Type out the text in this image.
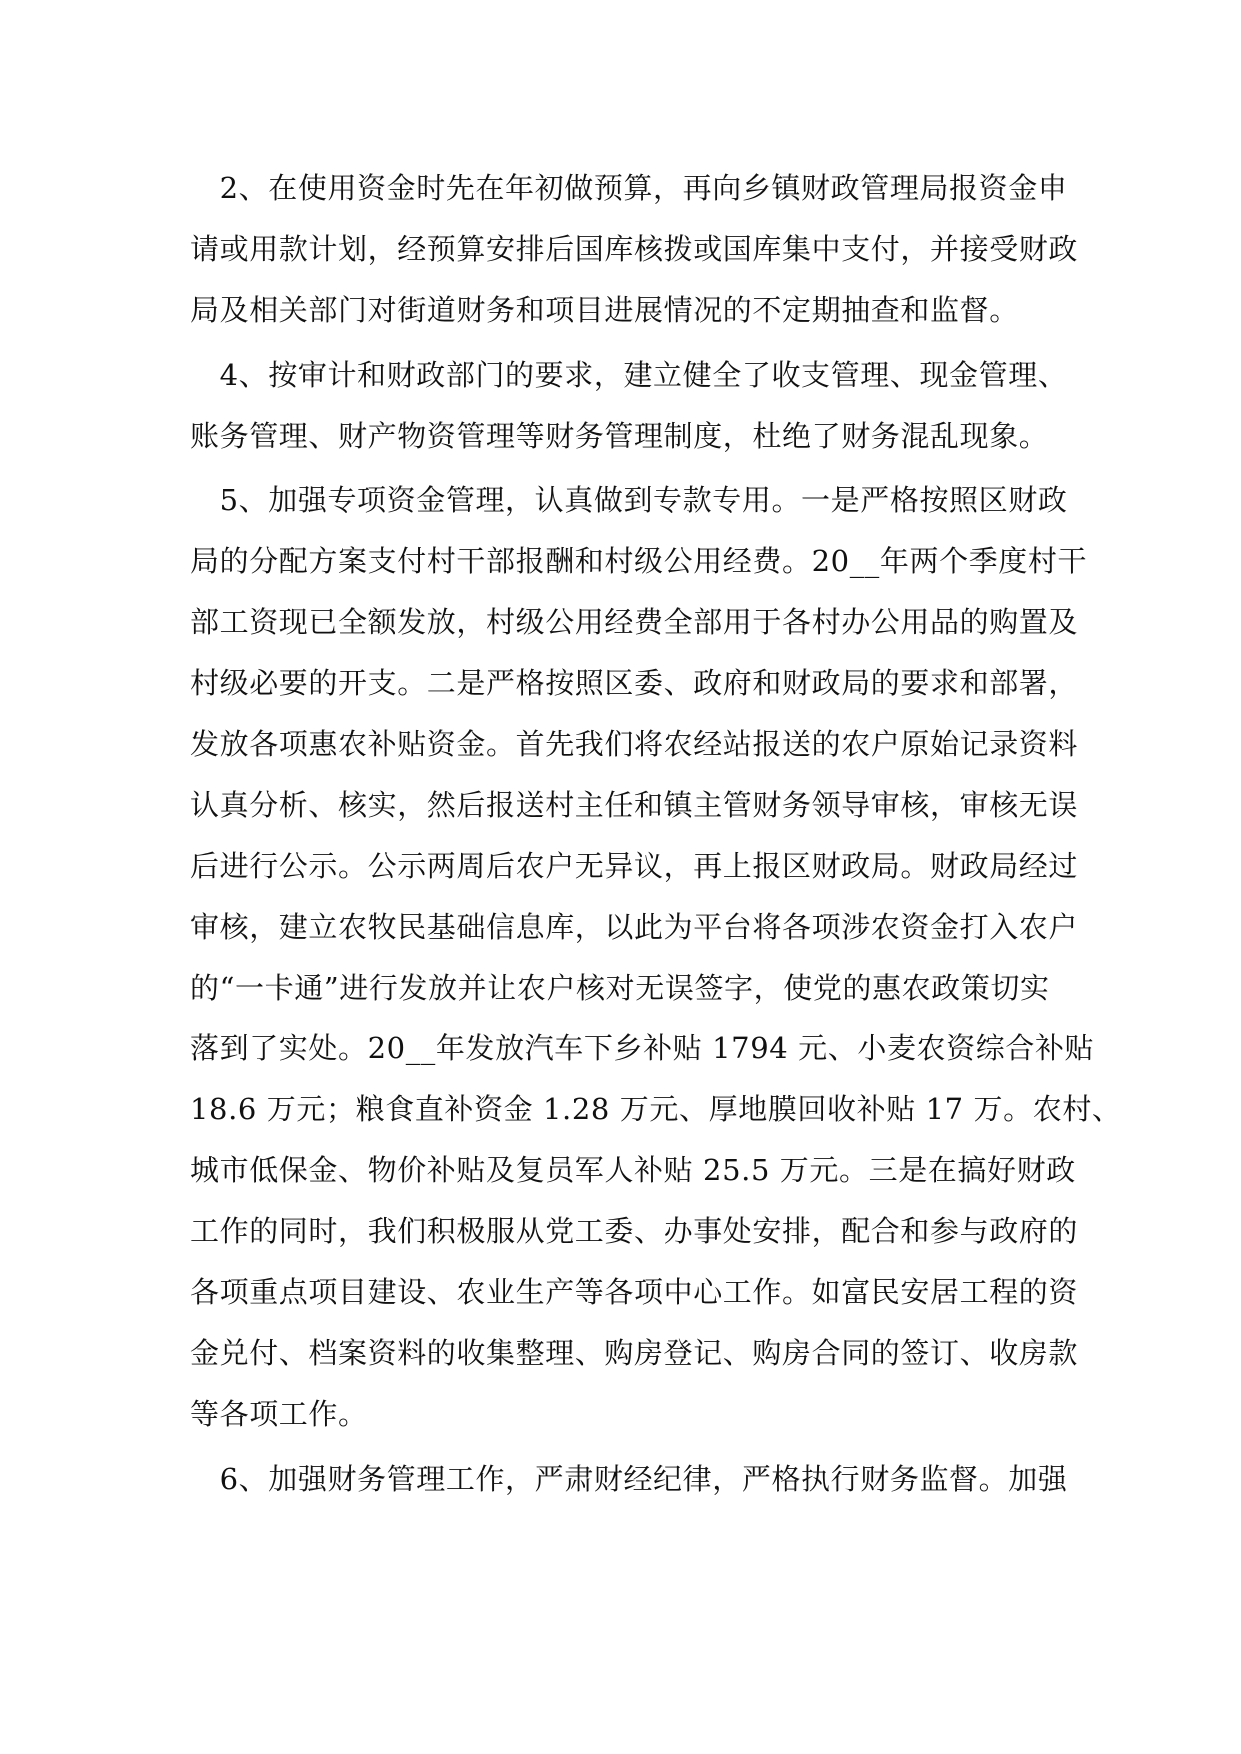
　2、在使用资金时先在年初做预算，再向乡镇财政管理局报资金申
请或用款计划，经预算安排后国库核拨或国库集中支付，并接受财政
局及相关部门对街道财务和项目进展情况的不定期抽查和监督。
　4、按审计和财政部门的要求，建立健全了收支管理、现金管理、
账务管理、财产物资管理等财务管理制度，杜绝了财务混乱现象。
　5、加强专项资金管理，认真做到专款专用。一是严格按照区财政
局的分配方案支付村干部报酬和村级公用经费。20__年两个季度村干
部工资现已全额发放，村级公用经费全部用于各村办公用品的购置及
村级必要的开支。二是严格按照区委、政府和财政局的要求和部署，
发放各项惠农补贴资金。首先我们将农经站报送的农户原始记录资料
认真分析、核实，然后报送村主任和镇主管财务领导审核，审核无误
后进行公示。公示两周后农户无异议，再上报区财政局。财政局经过
审核，建立农牧民基础信息库，以此为平台将各项涉农资金打入农户
的“一卡通”进行发放并让农户核对无误签字，使党的惠农政策切实
落到了实处。20__年发放汽车下乡补贴 1794 元、小麦农资综合补贴
18.6 万元；粮食直补资金 1.28 万元、厚地膜回收补贴 17 万。农村、
城市低保金、物价补贴及复员军人补贴 25.5 万元。三是在搞好财政
工作的同时，我们积极服从党工委、办事处安排，配合和参与政府的
各项重点项目建设、农业生产等各项中心工作。如富民安居工程的资
金兑付、档案资料的收集整理、购房登记、购房合同的签订、收房款
等各项工作。
　6、加强财务管理工作，严肃财经纪律，严格执行财务监督。加强
